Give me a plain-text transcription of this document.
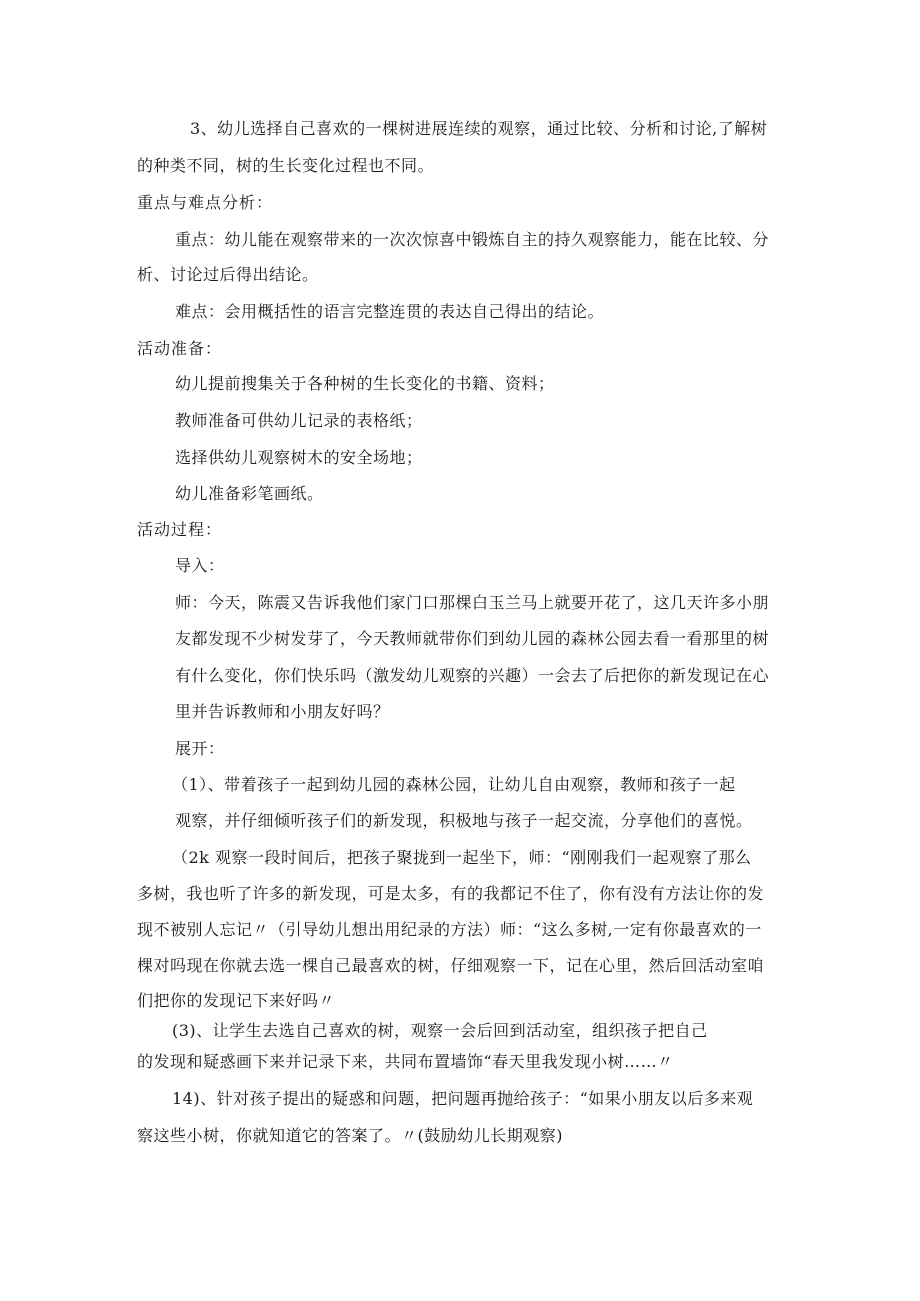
3、幼儿选择自己喜欢的一棵树进展连续的观察，通过比较、分析和讨论,了解树
的种类不同，树的生长变化过程也不同。
重点与难点分析：
重点：幼儿能在观察带来的一次次惊喜中锻炼自主的持久观察能力，能在比较、分
析、讨论过后得出结论。
难点：会用概括性的语言完整连贯的表达自己得出的结论。
活动准备：
幼儿提前搜集关于各种树的生长变化的书籍、资料；
教师准备可供幼儿记录的表格纸；
选择供幼儿观察树木的安全场地；
幼儿准备彩笔画纸。
活动过程：
导入：
师：今天，陈震又告诉我他们家门口那棵白玉兰马上就要开花了，这几天许多小朋
友都发现不少树发芽了，今天教师就带你们到幼儿园的森林公园去看一看那里的树
有什么变化，你们快乐吗（激发幼儿观察的兴趣）一会去了后把你的新发现记在心
里并告诉教师和小朋友好吗？
展开：
（1）、带着孩子一起到幼儿园的森林公园，让幼儿自由观察，教师和孩子一起
观察，并仔细倾听孩子们的新发现，积极地与孩子一起交流，分享他们的喜悦。
（2k 观察一段时间后，把孩子聚拢到一起坐下，师：“刚刚我们一起观察了那么
多树，我也听了许多的新发现，可是太多，有的我都记不住了，你有没有方法让你的发
现不被别人忘记〃（引导幼儿想出用纪录的方法）师：“这么多树,一定有你最喜欢的一
棵对吗现在你就去选一棵自己最喜欢的树，仔细观察一下，记在心里，然后回活动室咱
们把你的发现记下来好吗〃
(3)、让学生去选自己喜欢的树，观察一会后回到活动室，组织孩子把自己
的发现和疑惑画下来并记录下来，共同布置墙饰“春天里我发现小树……〃
14)、针对孩子提出的疑惑和问题，把问题再抛给孩子：“如果小朋友以后多来观
察这些小树，你就知道它的答案了。〃(鼓励幼儿长期观察)
